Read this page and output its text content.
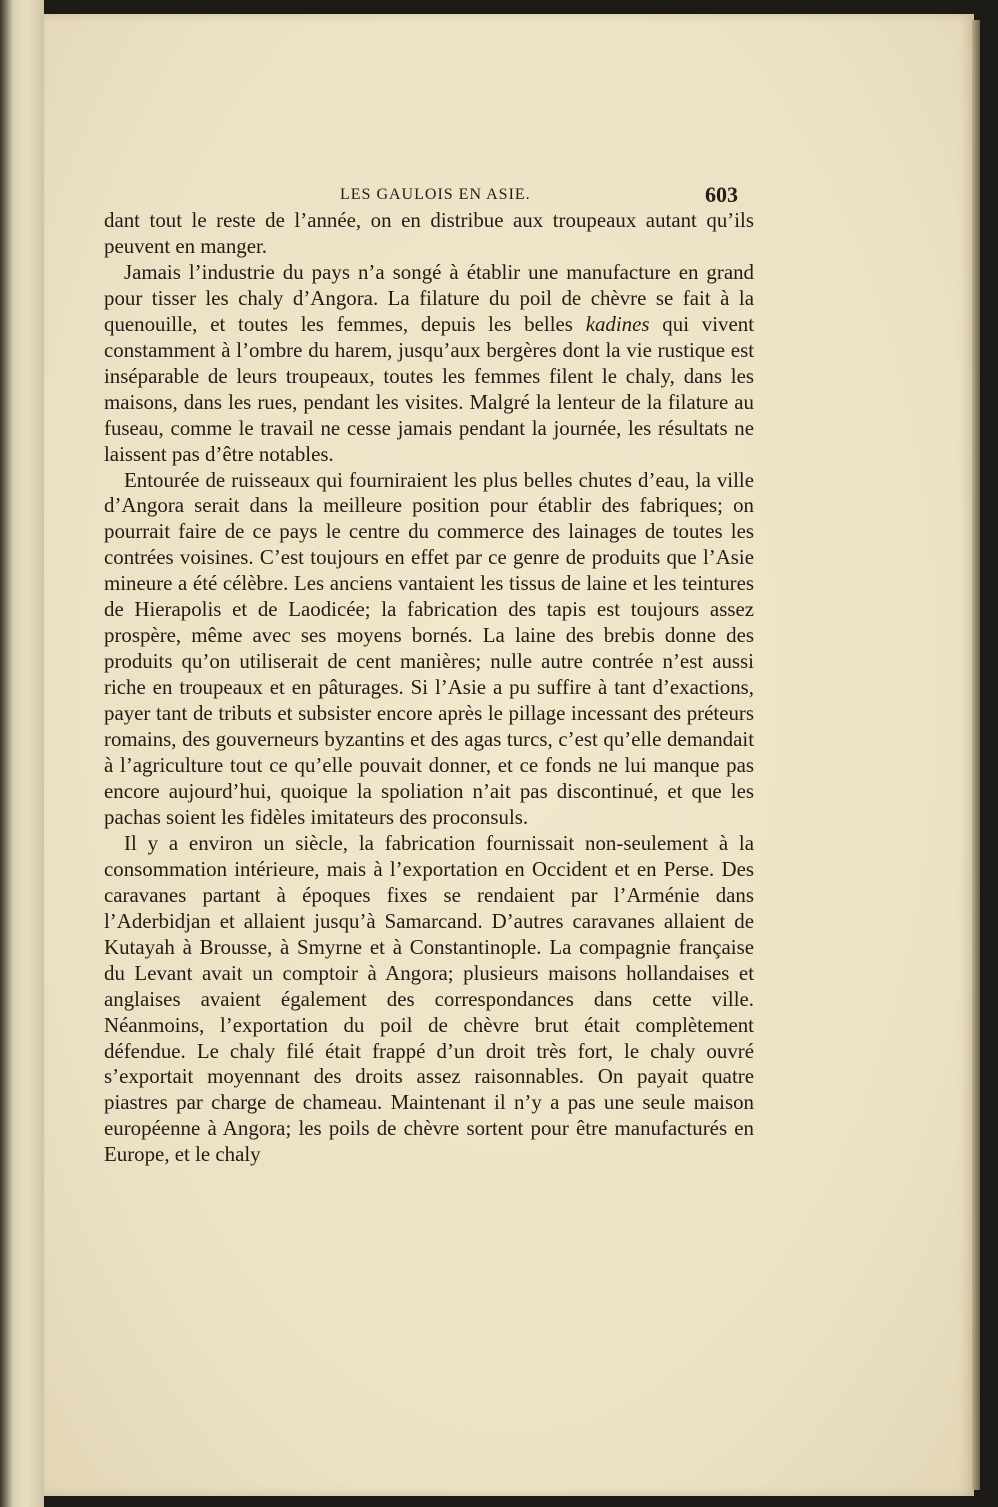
LES GAULOIS EN ASIE.	603

dant tout le reste de l’année, on en distribue aux troupeaux autant qu’ils peuvent en manger.

Jamais l’industrie du pays n’a songé à établir une manufacture en grand pour tisser les chaly d’Angora. La filature du poil de chèvre se fait à la quenouille, et toutes les femmes, depuis les belles kadines qui vivent constamment à l’ombre du harem, jusqu’aux bergères dont la vie rustique est inséparable de leurs troupeaux, toutes les femmes filent le chaly, dans les maisons, dans les rues, pendant les visites. Malgré la lenteur de la filature au fuseau, comme le travail ne cesse jamais pendant la journée, les résultats ne laissent pas d’être notables.

Entourée de ruisseaux qui fourniraient les plus belles chutes d’eau, la ville d’Angora serait dans la meilleure position pour établir des fabriques; on pourrait faire de ce pays le centre du commerce des lainages de toutes les contrées voisines. C’est toujours en effet par ce genre de produits que l’Asie mineure a été célèbre. Les anciens vantaient les tissus de laine et les teintures de Hierapolis et de Laodicée; la fabrication des tapis est toujours assez prospère, même avec ses moyens bornés. La laine des brebis donne des produits qu’on utiliserait de cent manières; nulle autre contrée n’est aussi riche en troupeaux et en pâturages. Si l’Asie a pu suffire à tant d’exactions, payer tant de tributs et subsister encore après le pillage incessant des préteurs romains, des gouverneurs byzantins et des agas turcs, c’est qu’elle demandait à l’agriculture tout ce qu’elle pouvait donner, et ce fonds ne lui manque pas encore aujourd’hui, quoique la spoliation n’ait pas discontinué, et que les pachas soient les fidèles imitateurs des proconsuls.

Il y a environ un siècle, la fabrication fournissait non-seulement à la consommation intérieure, mais à l’exportation en Occident et en Perse. Des caravanes partant à époques fixes se rendaient par l’Arménie dans l’Aderbidjan et allaient jusqu’à Samarcand. D’autres caravanes allaient de Kutayah à Brousse, à Smyrne et à Constantinople. La compagnie française du Levant avait un comptoir à Angora; plusieurs maisons hollandaises et anglaises avaient également des correspondances dans cette ville. Néanmoins, l’exportation du poil de chèvre brut était complètement défendue. Le chaly filé était frappé d’un droit très fort, le chaly ouvré s’exportait moyennant des droits assez raisonnables. On payait quatre piastres par charge de chameau. Maintenant il n’y a pas une seule maison européenne à Angora; les poils de chèvre sortent pour être manufacturés en Europe, et le chaly
